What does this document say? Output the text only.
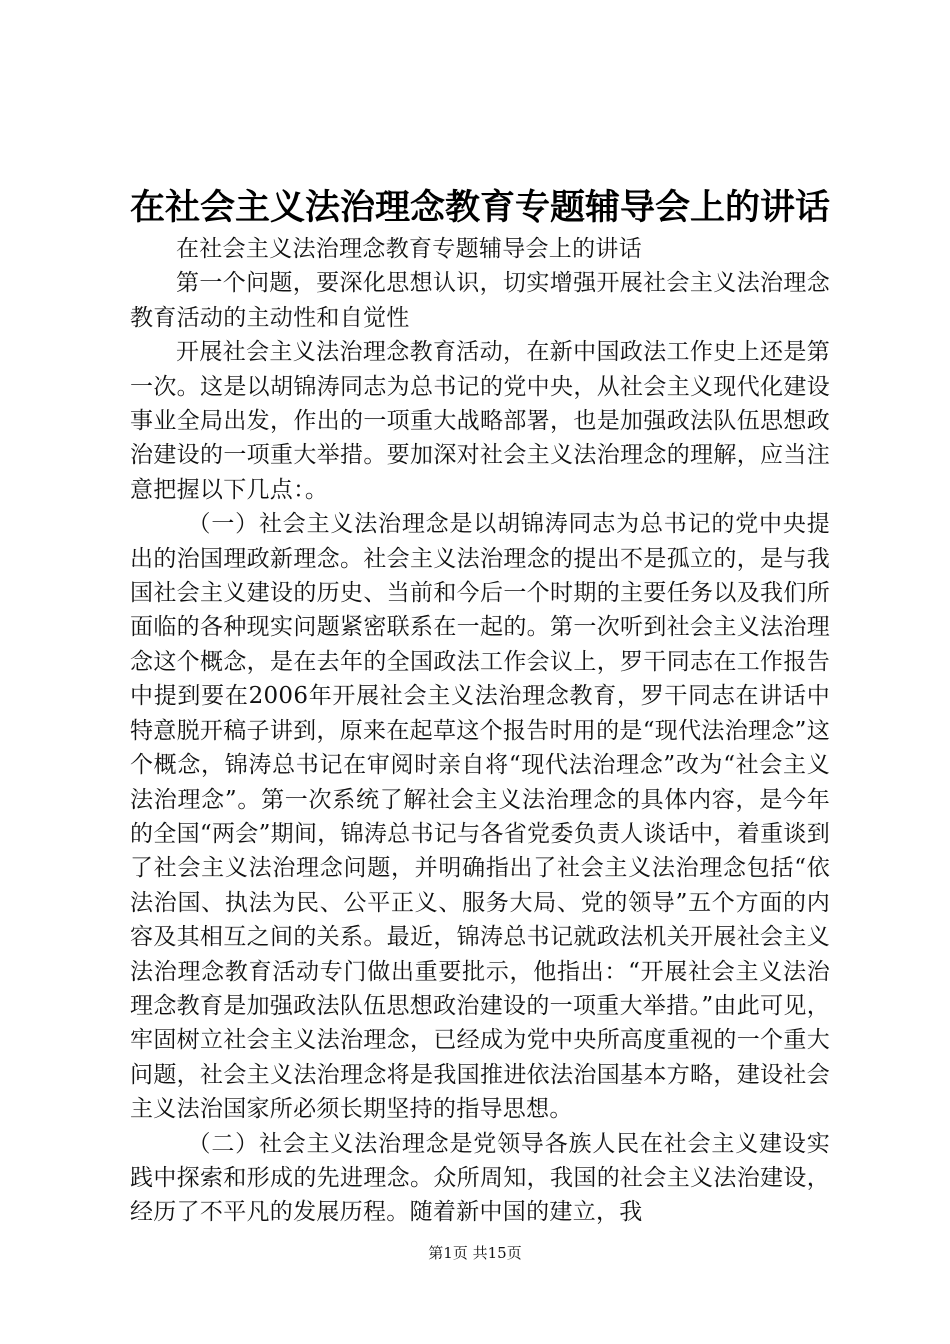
在社会主义法治理念教育专题辅导会上的讲话

在社会主义法治理念教育专题辅导会上的讲话

第一个问题，要深化思想认识，切实增强开展社会主义法治理念教育活动的主动性和自觉性

开展社会主义法治理念教育活动，在新中国政法工作史上还是第一次。这是以胡锦涛同志为总书记的党中央，从社会主义现代化建设事业全局出发，作出的一项重大战略部署，也是加强政法队伍思想政治建设的一项重大举措。要加深对社会主义法治理念的理解，应当注意把握以下几点：。

（一）社会主义法治理念是以胡锦涛同志为总书记的党中央提出的治国理政新理念。社会主义法治理念的提出不是孤立的，是与我国社会主义建设的历史、当前和今后一个时期的主要任务以及我们所面临的各种现实问题紧密联系在一起的。第一次听到社会主义法治理念这个概念，是在去年的全国政法工作会议上，罗干同志在工作报告中提到要在2006年开展社会主义法治理念教育，罗干同志在讲话中特意脱开稿子讲到，原来在起草这个报告时用的是“现代法治理念”这个概念，锦涛总书记在审阅时亲自将“现代法治理念”改为“社会主义法治理念”。第一次系统了解社会主义法治理念的具体内容，是今年的全国“两会”期间，锦涛总书记与各省党委负责人谈话中，着重谈到了社会主义法治理念问题，并明确指出了社会主义法治理念包括“依法治国、执法为民、公平正义、服务大局、党的领导”五个方面的内容及其相互之间的关系。最近，锦涛总书记就政法机关开展社会主义法治理念教育活动专门做出重要批示，他指出：“开展社会主义法治理念教育是加强政法队伍思想政治建设的一项重大举措。”由此可见，牢固树立社会主义法治理念，已经成为党中央所高度重视的一个重大问题，社会主义法治理念将是我国推进依法治国基本方略，建设社会主义法治国家所必须长期坚持的指导思想。

（二）社会主义法治理念是党领导各族人民在社会主义建设实践中探索和形成的先进理念。众所周知，我国的社会主义法治建设，经历了不平凡的发展历程。随着新中国的建立，我

第1页 共15页
